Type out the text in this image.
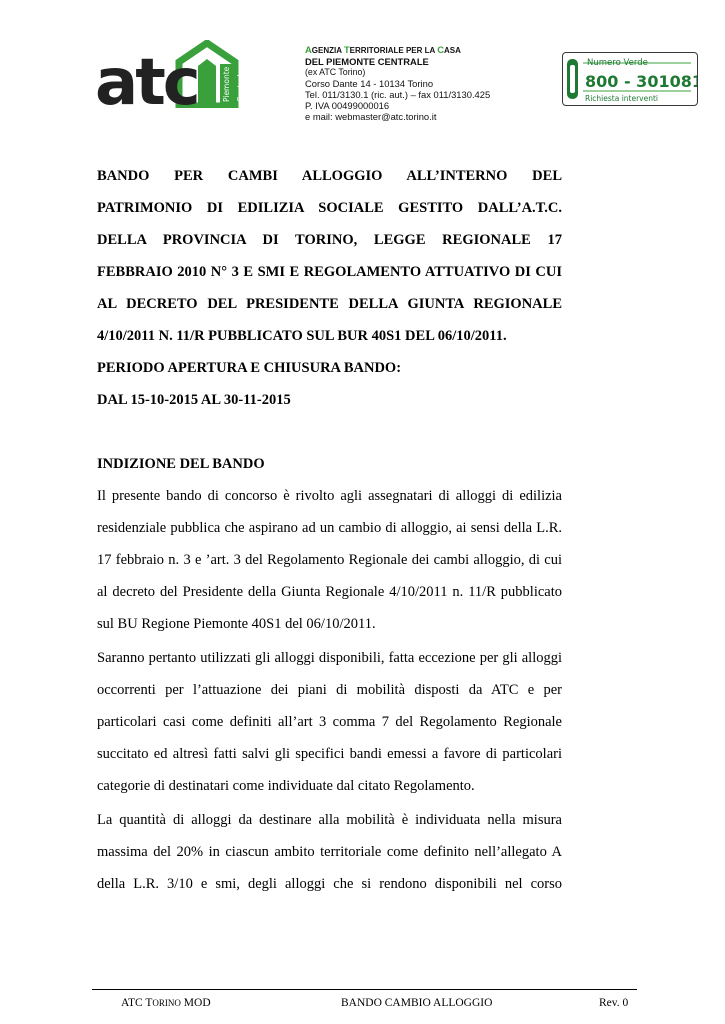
atc	Piemonte Centrale
AGENZIA TERRITORIALE PER LA CASA
DEL PIEMONTE CENTRALE
(ex ATC Torino)
Corso Dante 14 - 10134 Torino
Tel. 011/3130.1 (ric. aut.) – fax 011/3130.425
P. IVA 00499000016
e mail: webmaster@atc.torino.it
Numero Verde
800 - 301081
Richiesta interventi
BANDO PER CAMBI ALLOGGIO ALL’INTERNO DEL
PATRIMONIO DI EDILIZIA SOCIALE GESTITO DALL’A.T.C.
DELLA PROVINCIA DI TORINO, LEGGE REGIONALE 17
FEBBRAIO 2010 N° 3 E SMI E REGOLAMENTO ATTUATIVO DI CUI
AL DECRETO DEL PRESIDENTE DELLA GIUNTA REGIONALE
4/10/2011 N. 11/R PUBBLICATO SUL BUR 40S1 DEL 06/10/2011.
PERIODO APERTURA E CHIUSURA BANDO:
DAL 15-10-2015 AL 30-11-2015
INDIZIONE DEL BANDO
Il presente bando di concorso è rivolto agli assegnatari di alloggi di edilizia
residenziale pubblica che aspirano ad un cambio di alloggio, ai sensi della L.R.
17 febbraio n. 3 e ’art. 3 del Regolamento Regionale dei cambi alloggio, di cui
al decreto del Presidente della Giunta Regionale 4/10/2011 n. 11/R pubblicato
sul BU Regione Piemonte 40S1 del 06/10/2011.
Saranno pertanto utilizzati gli alloggi disponibili, fatta eccezione per gli alloggi
occorrenti per l’attuazione dei piani di mobilità disposti da ATC e per
particolari casi come definiti all’art 3 comma 7 del Regolamento Regionale
succitato ed altresì fatti salvi gli specifici bandi emessi a favore di particolari
categorie di destinatari come individuate dal citato Regolamento.
La quantità di alloggi da destinare alla mobilità è individuata nella misura
massima del 20% in ciascun ambito territoriale come definito nell’allegato A
della L.R. 3/10 e smi, degli alloggi che si rendono disponibili nel corso
ATC TORINO MOD	BANDO CAMBIO ALLOGGIO	Rev. 0
